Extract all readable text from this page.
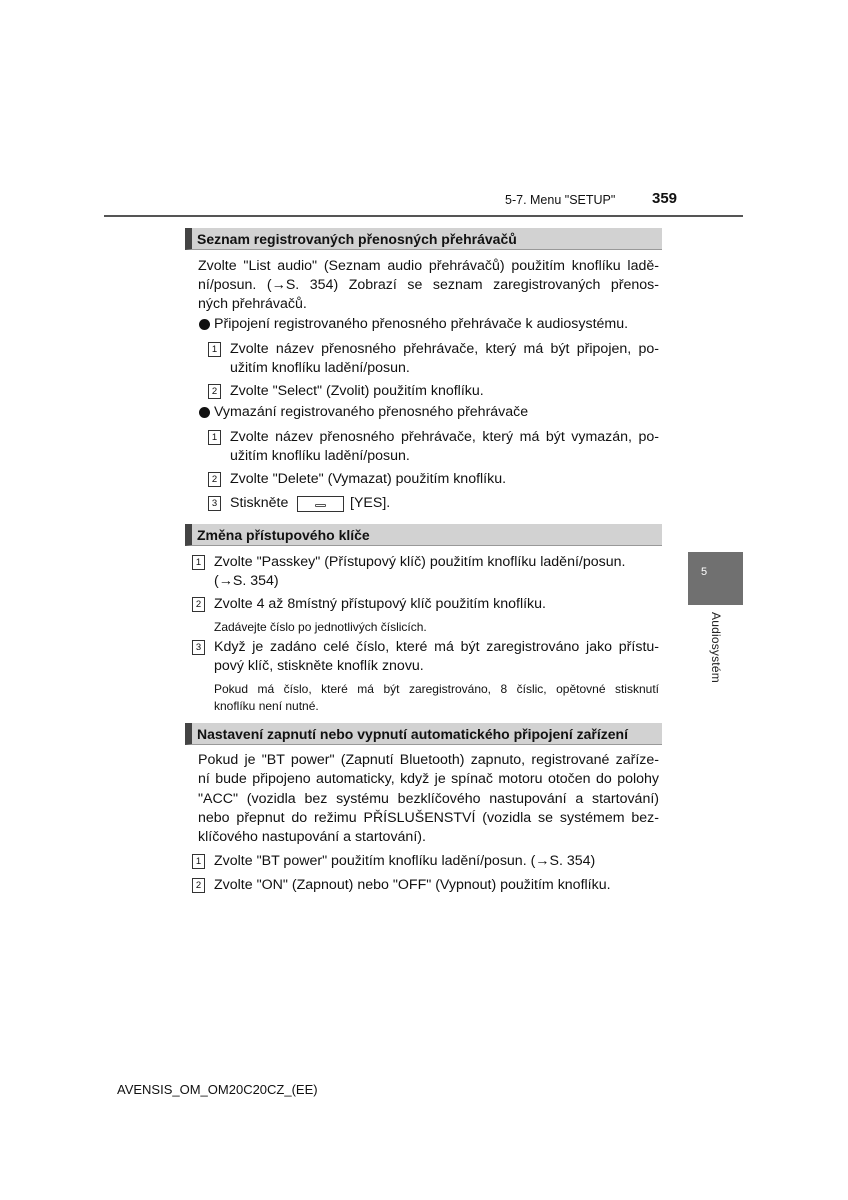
5-7. Menu "SETUP" 359
5
Audiosystém
Seznam registrovaných přenosných přehrávačů
Zvolte "List audio" (Seznam audio přehrávačů) použitím knoflíku ladě-
ní/posun. (→S. 354) Zobrazí se seznam zaregistrovaných přenos-
ných přehrávačů.
Připojení registrovaného přenosného přehrávače k audiosystému.
1 Zvolte název přenosného přehrávače, který má být připojen, po-
užitím knoflíku ladění/posun.
2 Zvolte "Select" (Zvolit) použitím knoflíku.
Vymazání registrovaného přenosného přehrávače
1 Zvolte název přenosného přehrávače, který má být vymazán, po-
užitím knoflíku ladění/posun.
2 Zvolte "Delete" (Vymazat) použitím knoflíku.
3 Stiskněte	[YES].
Změna přístupového klíče
1 Zvolte "Passkey" (Přístupový klíč) použitím knoflíku ladění/posun.
(→S. 354)
2 Zvolte 4 až 8místný přístupový klíč použitím knoflíku.
Zadávejte číslo po jednotlivých číslicích.
3 Když je zadáno celé číslo, které má být zaregistrováno jako přístu-
pový klíč, stiskněte knoflík znovu.
Pokud má číslo, které má být zaregistrováno, 8 číslic, opětovné stisknutí
knoflíku není nutné.
Nastavení zapnutí nebo vypnutí automatického připojení zařízení
Pokud je "BT power" (Zapnutí Bluetooth) zapnuto, registrované zaříze-
ní bude připojeno automaticky, když je spínač motoru otočen do polohy
"ACC" (vozidla bez systému bezklíčového nastupování a startování)
nebo přepnut do režimu PŘÍSLUŠENSTVÍ (vozidla se systémem bez-
klíčového nastupování a startování).
1 Zvolte "BT power" použitím knoflíku ladění/posun. (→S. 354)
2 Zvolte "ON" (Zapnout) nebo "OFF" (Vypnout) použitím knoflíku.
AVENSIS_OM_OM20C20CZ_(EE)
